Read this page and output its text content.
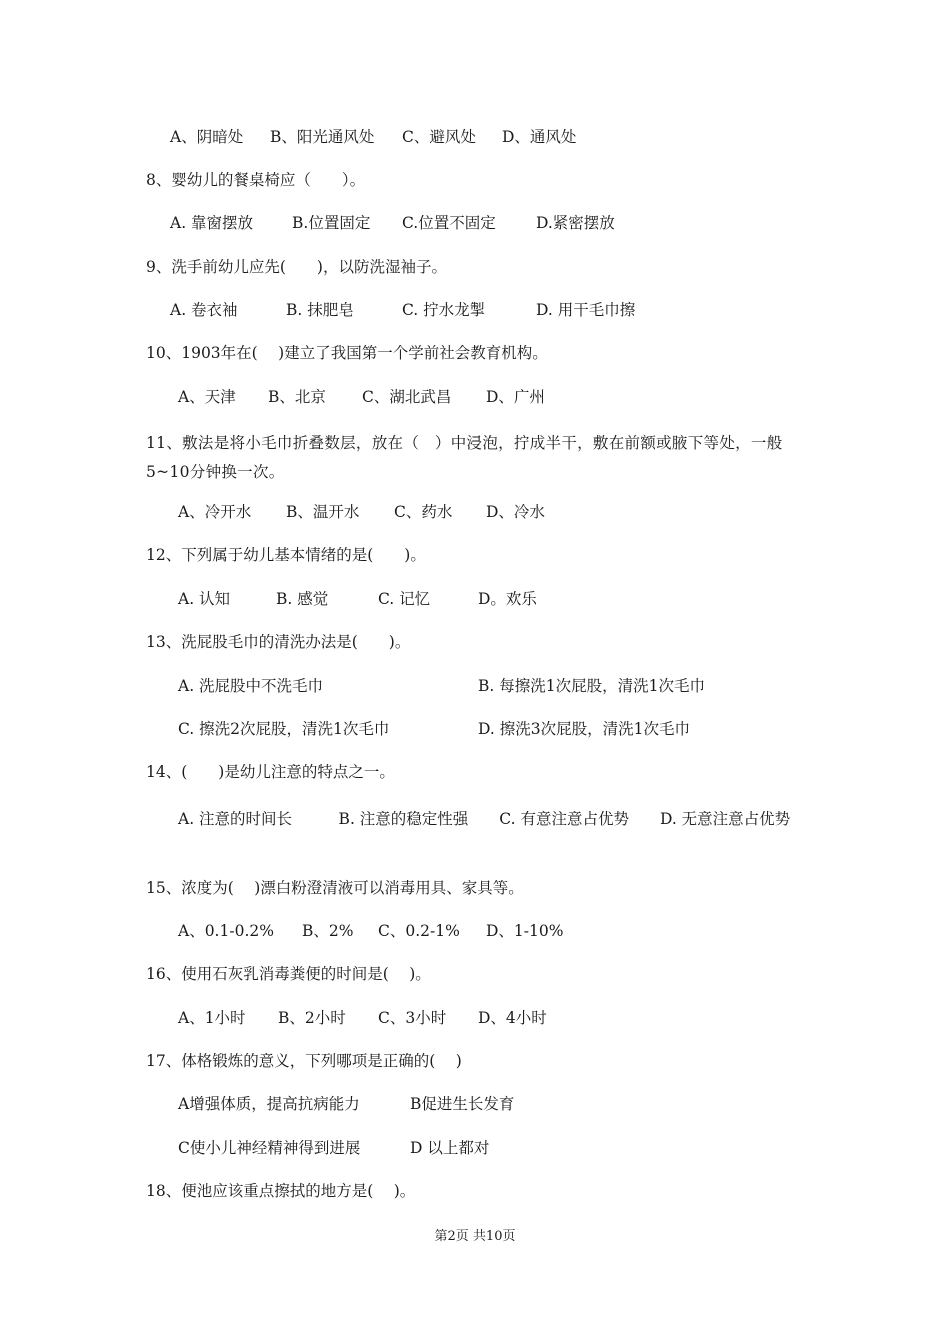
A、阴暗处 B、阳光通风处 C、避风处 D、通风处
8、婴幼儿的餐桌椅应（　　）。
A. 靠窗摆放	B.位置固定 C.位置不固定	D.紧密摆放
9、洗手前幼儿应先(　　)，以防洗湿袖子。
A. 卷衣袖	B. 抹肥皂	C. 拧水龙掣	D. 用干毛巾擦
10、1903年在(　 )建立了我国第一个学前社会教育机构。
A、天津 B、北京 C、湖北武昌 D、广州
11、敷法是将小毛巾折叠数层，放在（　）中浸泡，拧成半干，敷在前额或腋下等处，一般5~10分钟换一次。
A、冷开水 B、温开水 C、药水 D、冷水
12、下列属于幼儿基本情绪的是(　　)。
A. 认知	B. 感觉	C. 记忆	D。欢乐
13、洗屁股毛巾的清洗办法是(　　)。
A. 洗屁股中不洗毛巾	B. 每擦洗1次屁股，清洗1次毛巾
C. 擦洗2次屁股，清洗1次毛巾	D. 擦洗3次屁股，清洗1次毛巾
14、(　　)是幼儿注意的特点之一。
A. 注意的时间长　　　B. 注意的稳定性强　　C. 有意注意占优势　　D. 无意注意占优势
15、浓度为(　 )漂白粉澄清液可以消毒用具、家具等。
A、0.1-0.2% B、2% C、0.2-1% D、1-10%
16、使用石灰乳消毒粪便的时间是(　 )。
A、1小时 B、2小时 C、3小时 D、4小时
17、体格锻炼的意义，下列哪项是正确的(　 )
A增强体质，提高抗病能力	B促进生长发育
C使小儿神经精神得到进展	D 以上都对
18、便池应该重点擦拭的地方是(　 )。
第2页 共10页
